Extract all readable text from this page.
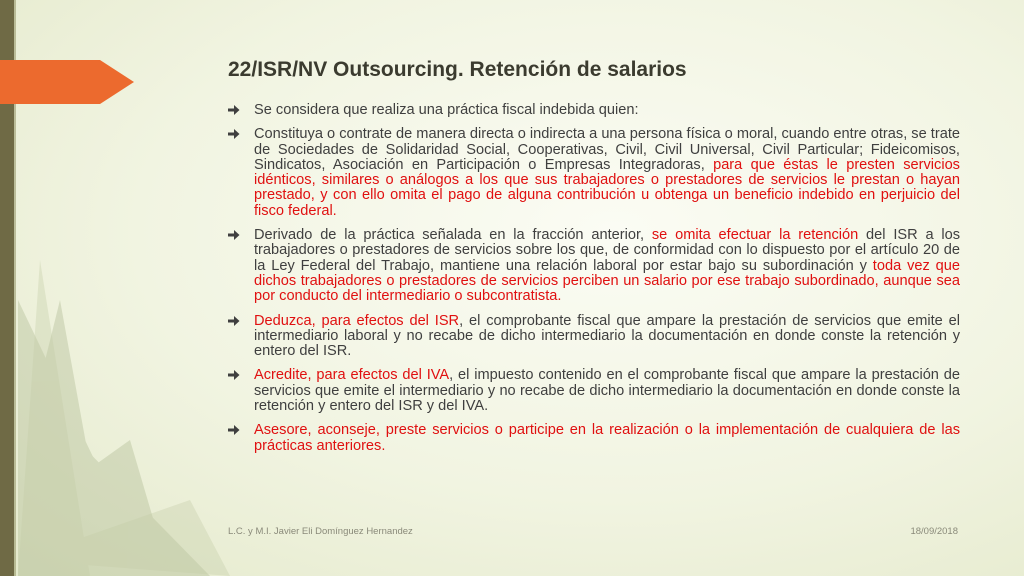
22/ISR/NV Outsourcing. Retención de salarios
Se considera que realiza una práctica fiscal indebida quien:
Constituya o contrate de manera directa o indirecta a una persona física o moral, cuando entre otras, se trate de Sociedades de Solidaridad Social, Cooperativas, Civil, Civil Universal, Civil Particular; Fideicomisos, Sindicatos, Asociación en Participación o Empresas Integradoras, para que éstas le presten servicios idénticos, similares o análogos a los que sus trabajadores o prestadores de servicios le prestan o hayan prestado, y con ello omita el pago de alguna contribución u obtenga un beneficio indebido en perjuicio del fisco federal.
Derivado de la práctica señalada en la fracción anterior, se omita efectuar la retención del ISR a los trabajadores o prestadores de servicios sobre los que, de conformidad con lo dispuesto por el artículo 20 de la Ley Federal del Trabajo, mantiene una relación laboral por estar bajo su subordinación y toda vez que dichos trabajadores o prestadores de servicios perciben un salario por ese trabajo subordinado, aunque sea por conducto del intermediario o subcontratista.
Deduzca, para efectos del ISR, el comprobante fiscal que ampare la prestación de servicios que emite el intermediario laboral y no recabe de dicho intermediario la documentación en donde conste la retención y entero del ISR.
Acredite, para efectos del IVA, el impuesto contenido en el comprobante fiscal que ampare la prestación de servicios que emite el intermediario y no recabe de dicho intermediario la documentación en donde conste la retención y entero del ISR y del IVA.
Asesore, aconseje, preste servicios o participe en la realización o la implementación de cualquiera de las prácticas anteriores.
L.C. y M.I. Javier Eli Domínguez Hernandez	18/09/2018
